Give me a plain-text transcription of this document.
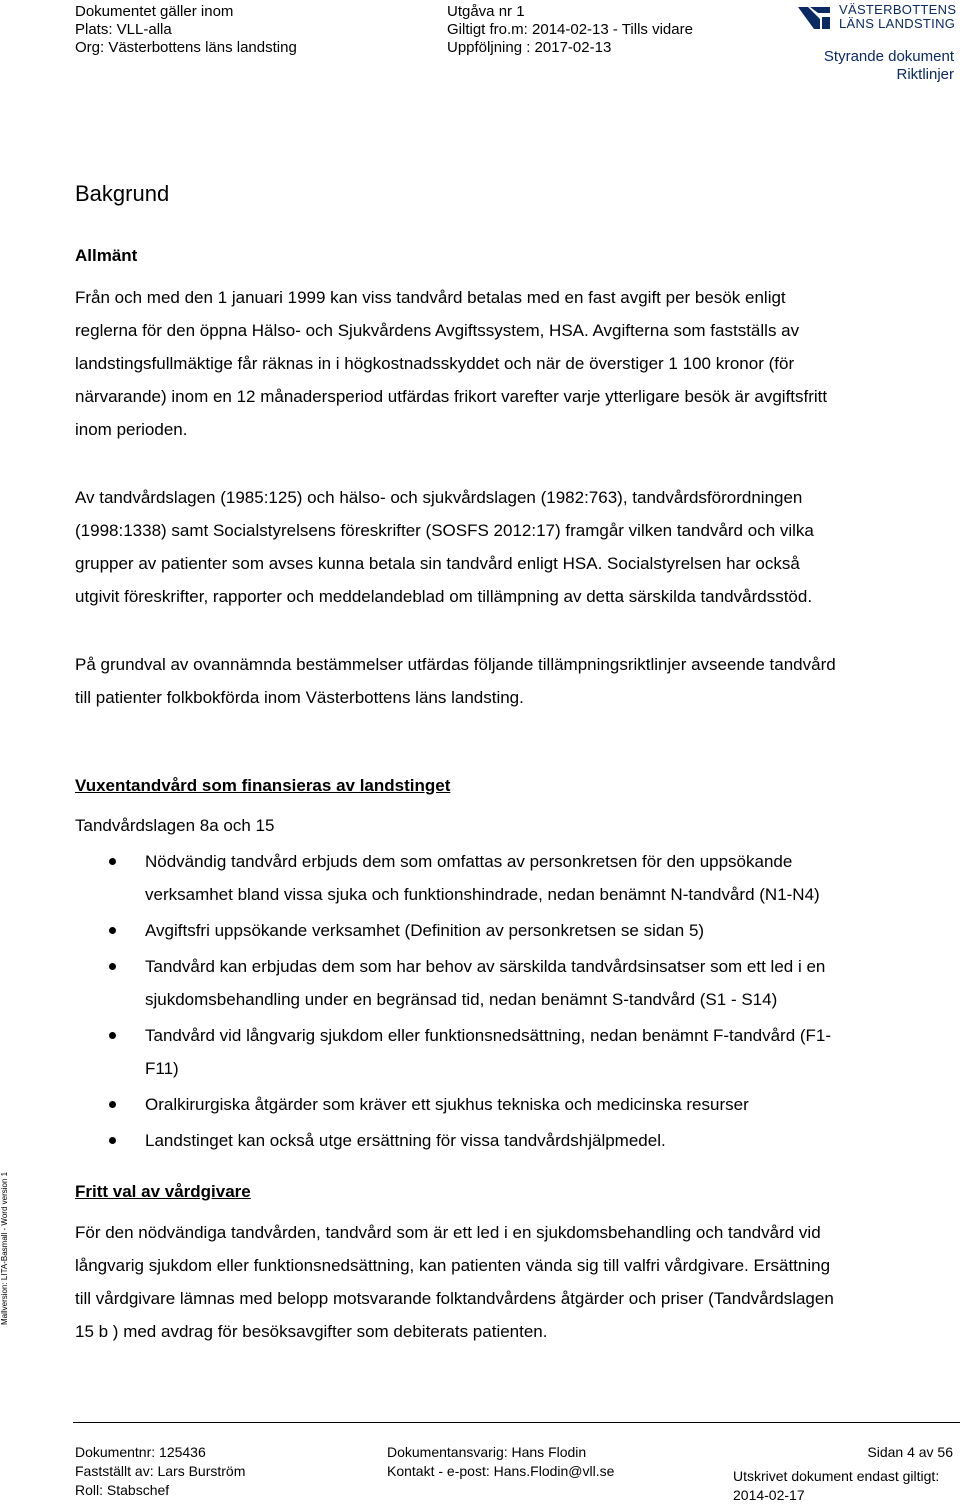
Dokumentet gäller inom
Plats: VLL-alla
Org: Västerbottens läns landsting
Utgåva nr 1
Giltigt fro.m: 2014-02-13 - Tills vidare
Uppföljning : 2017-02-13
VÄSTERBOTTENS
LÄNS LANDSTING
Styrande dokument
Riktlinjer
Mallversion: LITA-Basmall - Word version 1
Bakgrund
Allmänt
Från och med den 1 januari 1999 kan viss tandvård betalas med en fast avgift per besök enligt
reglerna för den öppna Hälso- och Sjukvårdens Avgiftssystem, HSA. Avgifterna som fastställs av
landstingsfullmäktige får räknas in i högkostnadsskyddet och när de överstiger 1 100 kronor (för
närvarande) inom en 12 månadersperiod utfärdas frikort varefter varje ytterligare besök är avgiftsfritt
inom perioden.
Av tandvårdslagen (1985:125) och hälso- och sjukvårdslagen (1982:763), tandvårdsförordningen
(1998:1338) samt Socialstyrelsens föreskrifter (SOSFS 2012:17) framgår vilken tandvård och vilka
grupper av patienter som avses kunna betala sin tandvård enligt HSA. Socialstyrelsen har också
utgivit föreskrifter, rapporter och meddelandeblad om tillämpning av detta särskilda tandvårdsstöd.
På grundval av ovannämnda bestämmelser utfärdas följande tillämpningsriktlinjer avseende tandvård
till patienter folkbokförda inom Västerbottens läns landsting.
Vuxentandvård som finansieras av landstinget
Tandvårdslagen 8a och 15
Nödvändig tandvård erbjuds dem som omfattas av personkretsen för den uppsökande
verksamhet bland vissa sjuka och funktionshindrade, nedan benämnt N-tandvård (N1-N4)
Avgiftsfri uppsökande verksamhet (Definition av personkretsen se sidan 5)
Tandvård kan erbjudas dem som har behov av särskilda tandvårdsinsatser som ett led i en
sjukdomsbehandling under en begränsad tid, nedan benämnt S-tandvård (S1 - S14)
Tandvård vid långvarig sjukdom eller funktionsnedsättning, nedan benämnt F-tandvård (F1-
F11)
Oralkirurgiska åtgärder som kräver ett sjukhus tekniska och medicinska resurser
Landstinget kan också utge ersättning för vissa tandvårdshjälpmedel.
Fritt val av vårdgivare
För den nödvändiga tandvården, tandvård som är ett led i en sjukdomsbehandling och tandvård vid
långvarig sjukdom eller funktionsnedsättning, kan patienten vända sig till valfri vårdgivare. Ersättning
till vårdgivare lämnas med belopp motsvarande folktandvårdens åtgärder och priser (Tandvårdslagen
15 b ) med avdrag för besöksavgifter som debiterats patienten.
Dokumentnr: 125436
Fastställt av: Lars Burström
Roll: Stabschef
Dokumentansvarig: Hans Flodin
Kontakt - e-post: Hans.Flodin@vll.se
Sidan 4 av 56
Utskrivet dokument endast giltigt:
2014-02-17
